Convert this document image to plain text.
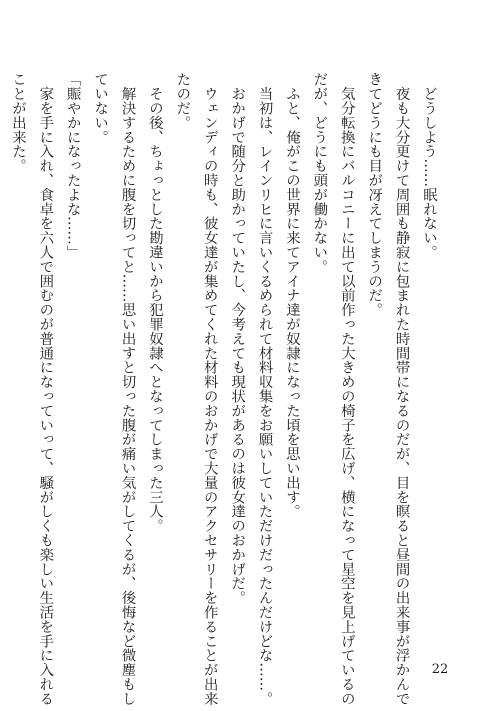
　どうしよう……眠れない。
　夜も大分更けて周囲も静寂に包まれた時間帯になるのだが、目を瞑ると昼間の出来事が浮かんで
きてどうにも目が冴えてしまうのだ。
　気分転換にバルコニーに出て以前作った大きめの椅子を広げ、横になって星空を見上げているの
だが、どうにも頭が働かない。
　ふと、俺がこの世界に来てアイナ達が奴隷になった頃を思い出す。
　当初は、レインリヒに言いくるめられて材料収集をお願いしていただけだったんだけどな……。
　おかげで随分と助かっていたし、今考えても現状があるのは彼女達のおかげだ。
　ウェンディの時も、彼女達が集めてくれた材料のおかげで大量のアクセサリーを作ることが出来
たのだ。
　その後、ちょっとした勘違いから犯罪奴隷へとなってしまった三人。
　解決するために腹を切ってと……思い出すと切った腹が痛い気がしてくるが、後悔など微塵もし
ていない。
「賑やかになったよな……」
　家を手に入れ、食卓を六人で囲むのが普通になっていって、騒がしくも楽しい生活を手に入れる
ことが出来た。
22
